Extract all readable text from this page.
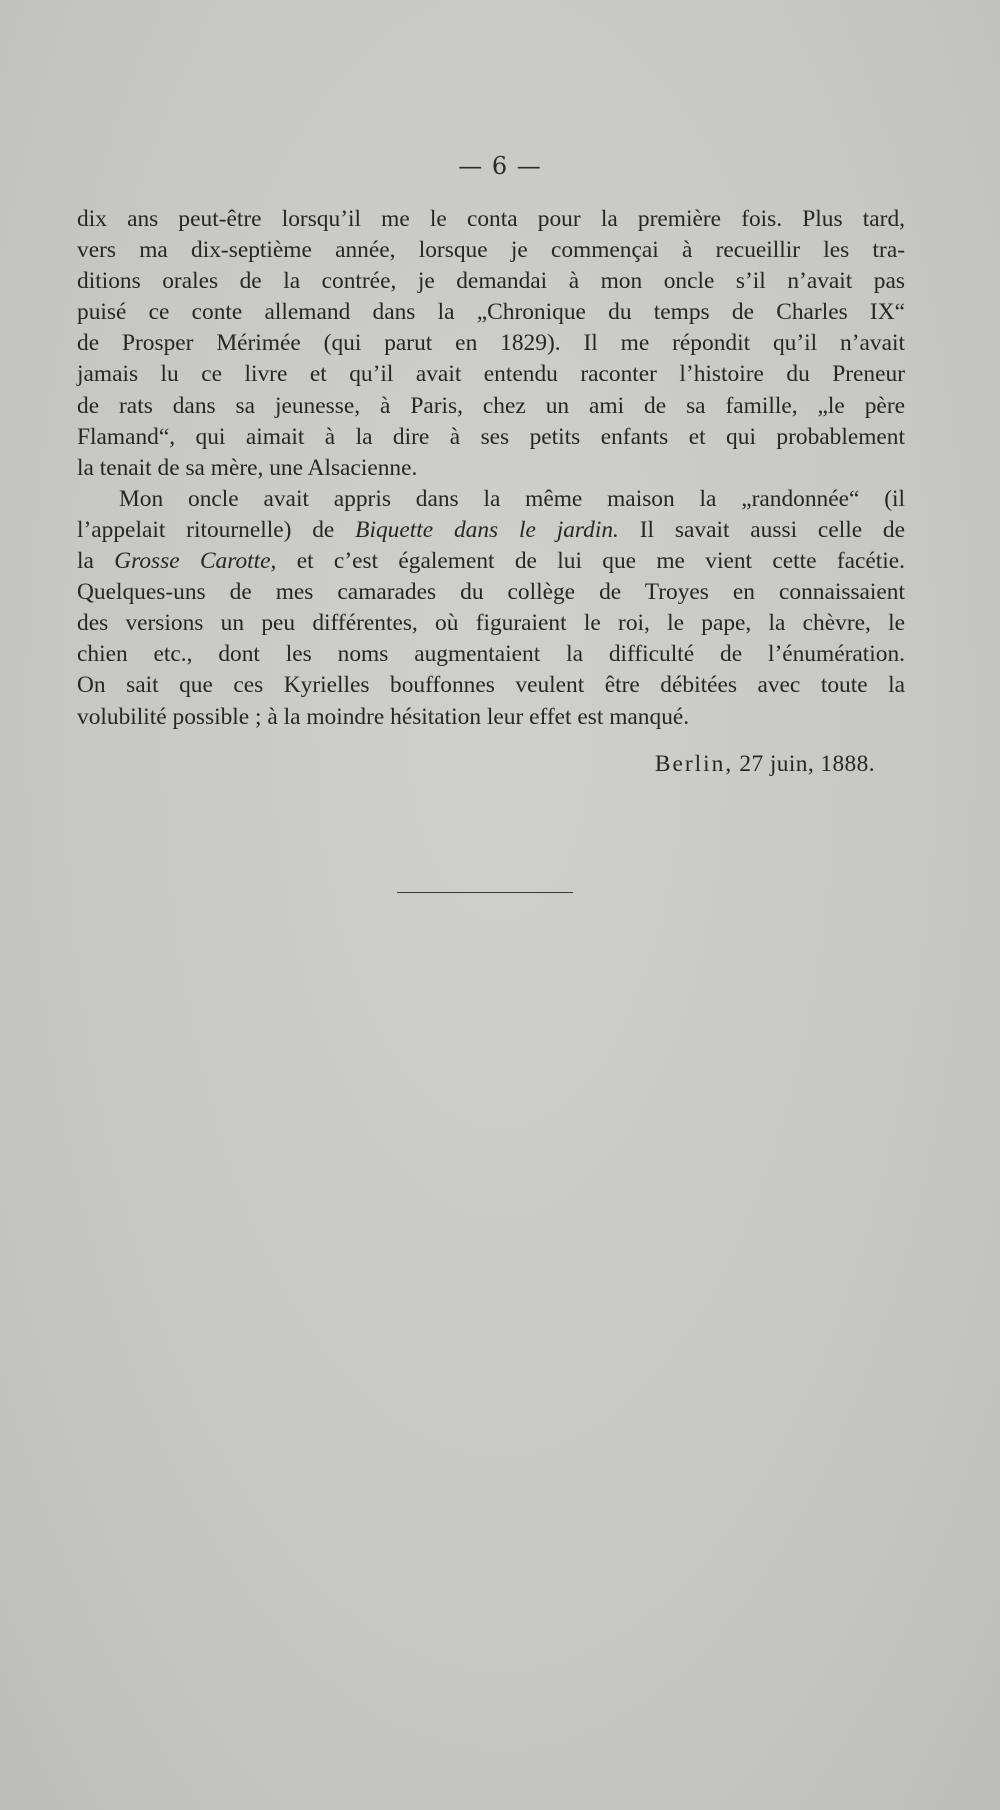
— 6 —
dix ans peut-être lorsqu’il me le conta pour la première fois. Plus tard,
vers ma dix-septième année, lorsque je commençai à recueillir les tra-
ditions orales de la contrée, je demandai à mon oncle s’il n’avait pas
puisé ce conte allemand dans la „Chronique du temps de Charles IX“
de Prosper Mérimée (qui parut en 1829). Il me répondit qu’il n’avait
jamais lu ce livre et qu’il avait entendu raconter l’histoire du Preneur
de rats dans sa jeunesse, à Paris, chez un ami de sa famille, „le père
Flamand“, qui aimait à la dire à ses petits enfants et qui probablement
la tenait de sa mère, une Alsacienne.
Mon oncle avait appris dans la même maison la „randonnée“ (il
l’appelait ritournelle) de Biquette dans le jardin. Il savait aussi celle de
la Grosse Carotte, et c’est également de lui que me vient cette facétie.
Quelques-uns de mes camarades du collège de Troyes en connaissaient
des versions un peu différentes, où figuraient le roi, le pape, la chèvre, le
chien etc., dont les noms augmentaient la difficulté de l’énumération.
On sait que ces Kyrielles bouffonnes veulent être débitées avec toute la
volubilité possible ; à la moindre hésitation leur effet est manqué.
Berlin, 27 juin, 1888.
